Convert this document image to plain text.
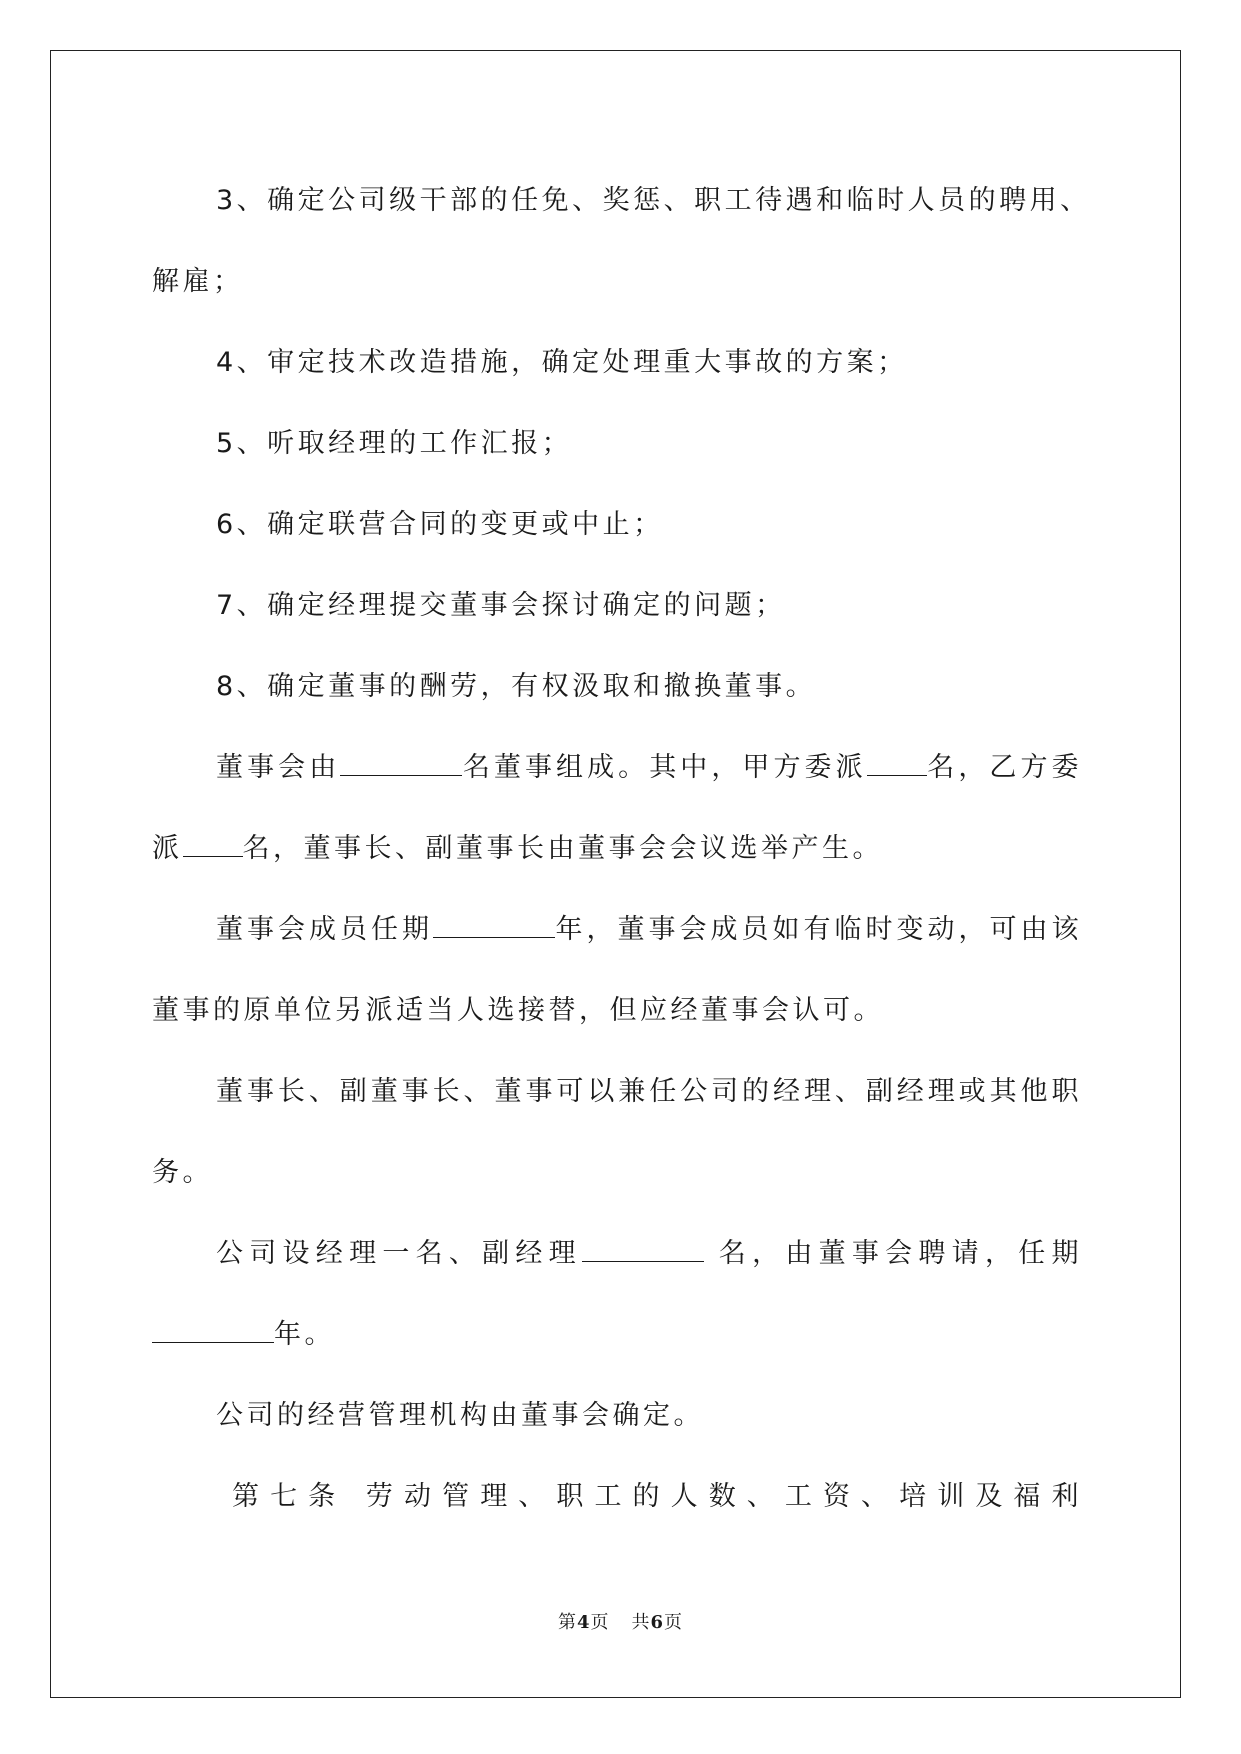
3、确定公司级干部的任免、奖惩、职工待遇和临时人员的聘用、

解雇；

4、审定技术改造措施，确定处理重大事故的方案；

5、听取经理的工作汇报；

6、确定联营合同的变更或中止；

7、确定经理提交董事会探讨确定的问题；

8、确定董事的酬劳，有权汲取和撤换董事。

董事会由	名董事组成。其中，甲方委派 名，乙方委

派 名，董事长、副董事长由董事会会议选举产生。

董事会成员任期	年，董事会成员如有临时变动，可由该

董事的原单位另派适当人选接替，但应经董事会认可。

董事长、副董事长、董事可以兼任公司的经理、副经理或其他职

务。

公司设经理一名、副经理	名，由董事会聘请，任期

年。

公司的经营管理机构由董事会确定。

第七条 劳动管理、职工的人数、工资、培训及福利

第4页 共6页
